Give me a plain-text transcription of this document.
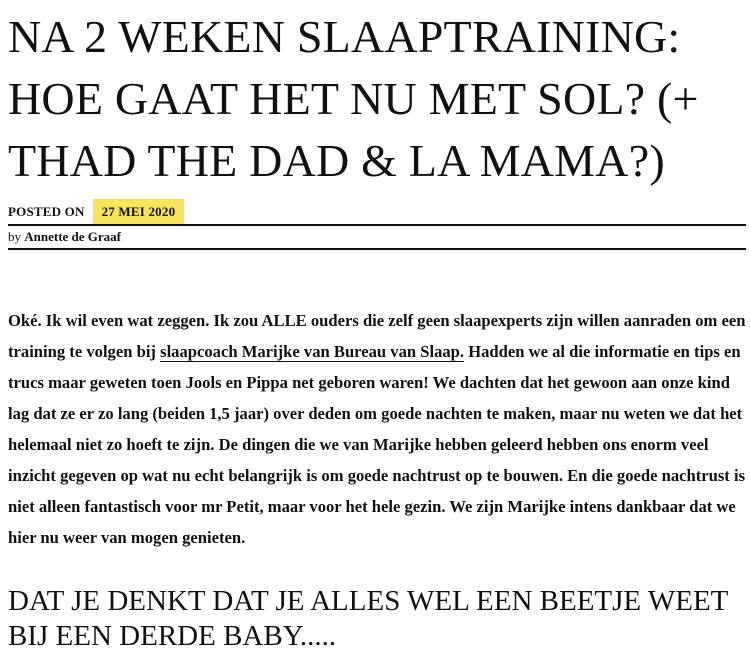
NA 2 WEKEN SLAAPTRAINING: HOE GAAT HET NU MET SOL? (+ THAD THE DAD & LA MAMA?)
POSTED ON	27 MEI 2020
by Annette de Graaf

Oké. Ik wil even wat zeggen. Ik zou ALLE ouders die zelf geen slaapexperts zijn willen aanraden om een training te volgen bij slaapcoach Marijke van Bureau van Slaap. Hadden we al die informatie en tips en trucs maar geweten toen Jools en Pippa net geboren waren! We dachten dat het gewoon aan onze kind lag dat ze er zo lang (beiden 1,5 jaar) over deden om goede nachten te maken, maar nu weten we dat het helemaal niet zo hoeft te zijn. De dingen die we van Marijke hebben geleerd hebben ons enorm veel inzicht gegeven op wat nu echt belangrijk is om goede nachtrust op te bouwen. En die goede nachtrust is niet alleen fantastisch voor mr Petit, maar voor het hele gezin. We zijn Marijke intens dankbaar dat we hier nu weer van mogen genieten.

DAT JE DENKT DAT JE ALLES WEL EEN BEETJE WEET BIJ EEN DERDE BABY.....
